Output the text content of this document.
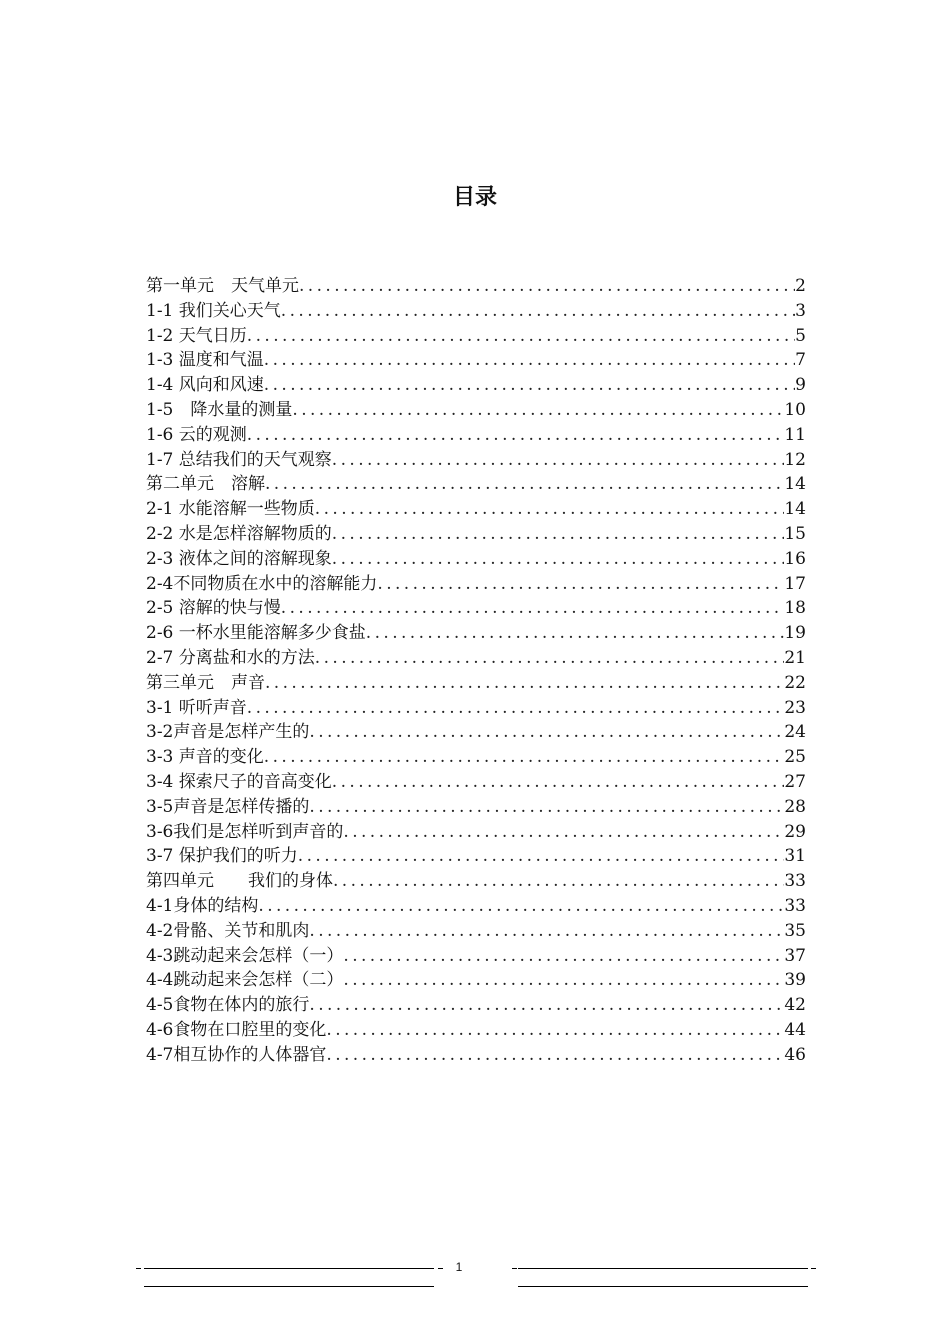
目录
第一单元　天气单元 .....	2
1-1 我们关心天气 .....	3
1-2 天气日历 .....	5
1-3 温度和气温 .....	7
1-4 风向和风速 .....	9
1-5　降水量的测量 .....	10
1-6 云的观测 .....	11
1-7 总结我们的天气观察 .....	12
第二单元　溶解 .....	14
2-1 水能溶解一些物质 .....	14
2-2 水是怎样溶解物质的 .....	15
2-3 液体之间的溶解现象 .....	16
2-4不同物质在水中的溶解能力 .....	17
2-5 溶解的快与慢 .....	18
2-6 一杯水里能溶解多少食盐 .....	19
2-7 分离盐和水的方法 .....	21
第三单元　声音 .....	22
3-1 听听声音 .....	23
3-2声音是怎样产生的 .....	24
3-3 声音的变化 .....	25
3-4 探索尺子的音高变化 .....	27
3-5声音是怎样传播的 .....	28
3-6我们是怎样听到声音的 .....	29
3-7 保护我们的听力 .....	31
第四单元　　我们的身体 .....	33
4-1身体的结构 .....	33
4-2骨骼、关节和肌肉 .....	35
4-3跳动起来会怎样（一） .....	37
4-4跳动起来会怎样（二） .....	39
4-5食物在体内的旅行 .....	42
4-6食物在口腔里的变化 .....	44
4-7相互协作的人体器官 .....	46
1
